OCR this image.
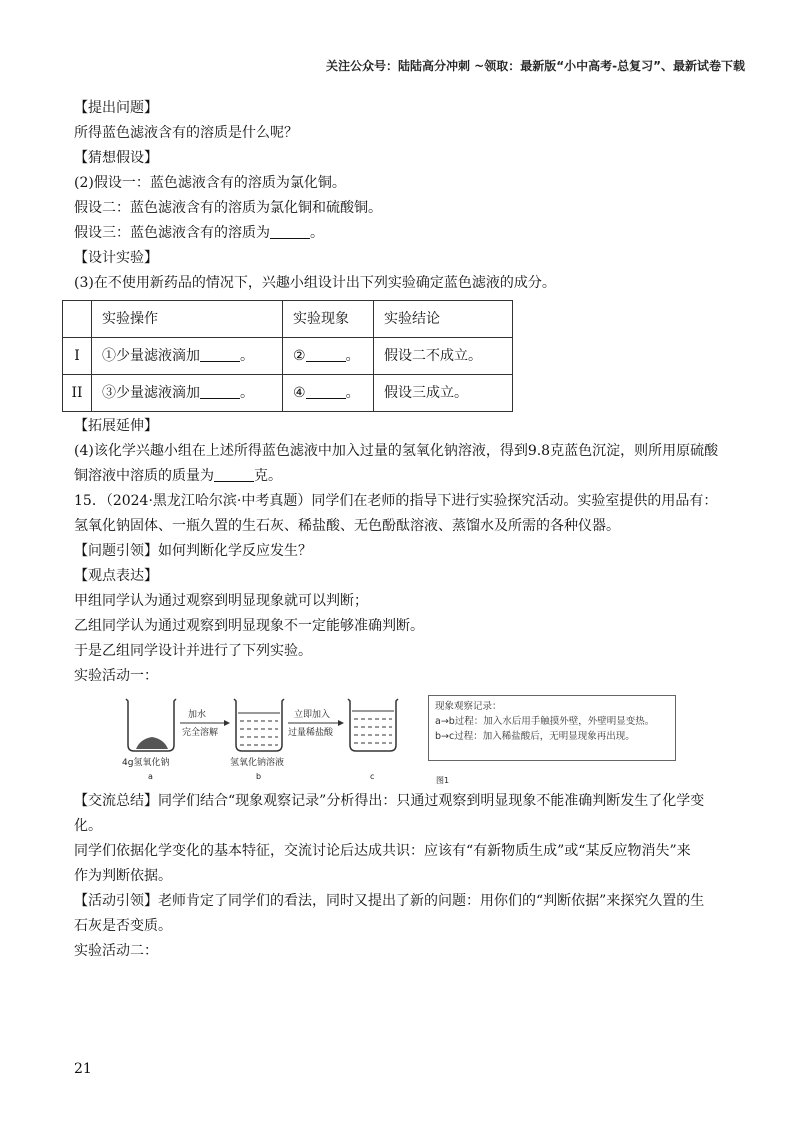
关注公众号：陆陆高分冲刺 ~领取：最新版“小中高考-总复习”、最新试卷下载
【提出问题】
所得蓝色滤液含有的溶质是什么呢？
【猜想假设】
(2)假设一：蓝色滤液含有的溶质为氯化铜。
假设二：蓝色滤液含有的溶质为氯化铜和硫酸铜。
假设三：蓝色滤液含有的溶质为	。
【设计实验】
(3)在不使用新药品的情况下，兴趣小组设计出下列实验确定蓝色滤液的成分。
	实验操作	实验现象	实验结论
I	①少量滤液滴加 。	② 。	假设二不成立。
II	③少量滤液滴加 。	④ 。	假设三成立。
【拓展延伸】
(4)该化学兴趣小组在上述所得蓝色滤液中加入过量的氢氧化钠溶液，得到9.8克蓝色沉淀，则所用原硫酸
铜溶液中溶质的质量为	克。
15．（2024·黑龙江哈尔滨·中考真题）同学们在老师的指导下进行实验探究活动。实验室提供的用品有：
氢氧化钠固体、一瓶久置的生石灰、稀盐酸、无色酚酞溶液、蒸馏水及所需的各种仪器。
【问题引领】如何判断化学反应发生？
【观点表达】
甲组同学认为通过观察到明显现象就可以判断；
乙组同学认为通过观察到明显现象不一定能够准确判断。
于是乙组同学设计并进行了下列实验。
实验活动一：
4g氢氧化钠
a
加水
完全溶解
氢氧化钠溶液
b
立即加入
过量稀盐酸
c	图1
现象观察记录：
a→b过程：加入水后用手触摸外壁，外壁明显变热。
b→c过程：加入稀盐酸后，无明显现象再出现。
【交流总结】同学们结合“现象观察记录”分析得出：只通过观察到明显现象不能准确判断发生了化学变
化。
同学们依据化学变化的基本特征，交流讨论后达成共识：应该有“有新物质生成”或“某反应物消失”来
作为判断依据。
【活动引领】老师肯定了同学们的看法，同时又提出了新的问题：用你们的“判断依据”来探究久置的生
石灰是否变质。
实验活动二：
21
